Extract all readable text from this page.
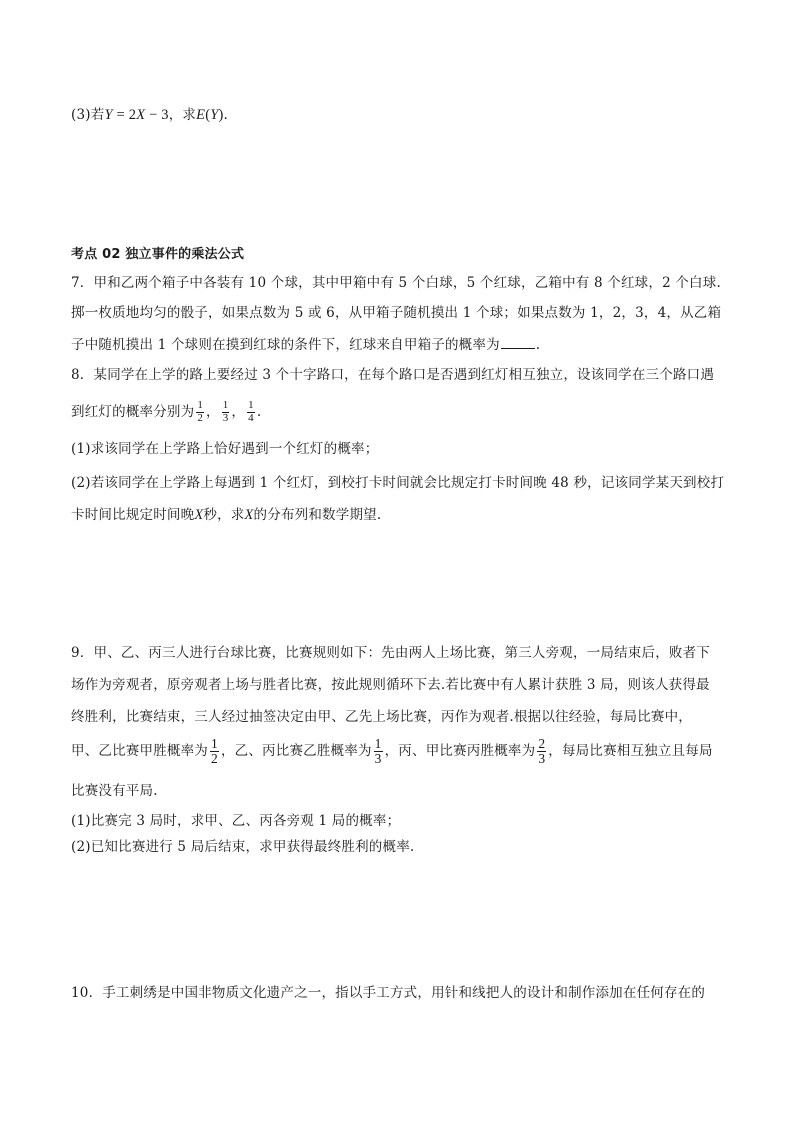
(3)若Y = 2X − 3，求E(Y).
考点 02 独立事件的乘法公式
7．甲和乙两个箱子中各装有 10 个球，其中甲箱中有 5 个白球，5 个红球，乙箱中有 8 个红球，2 个白球.
掷一枚质地均匀的骰子，如果点数为 5 或 6，从甲箱子随机摸出 1 个球；如果点数为 1，2，3，4，从乙箱
子中随机摸出 1 个球则在摸到红球的条件下，红球来自甲箱子的概率为	.
8．某同学在上学的路上要经过 3 个十字路口，在每个路口是否遇到红灯相互独立，设该同学在三个路口遇
到红灯的概率分别为 $\frac{1}{2}$ ， $\frac{1}{3}$ ， $\frac{1}{4}$ .
(1)求该同学在上学路上恰好遇到一个红灯的概率；
(2)若该同学在上学路上每遇到 1 个红灯，到校打卡时间就会比规定打卡时间晚 48 秒，记该同学某天到校打
卡时间比规定时间晚X秒，求X的分布列和数学期望.
9．甲、乙、丙三人进行台球比赛，比赛规则如下：先由两人上场比赛，第三人旁观，一局结束后，败者下
场作为旁观者，原旁观者上场与胜者比赛，按此规则循环下去.若比赛中有人累计获胜 3 局，则该人获得最
终胜利，比赛结束，三人经过抽签决定由甲、乙先上场比赛，丙作为观者.根据以往经验，每局比赛中，
甲、乙比赛甲胜概率为 $\frac{1}{2}$ ，乙、丙比赛乙胜概率为 $\frac{1}{3}$ ，丙、甲比赛丙胜概率为 $\frac{2}{3}$ ，每局比赛相互独立且每局
比赛没有平局.
(1)比赛完 3 局时，求甲、乙、丙各旁观 1 局的概率；
(2)已知比赛进行 5 局后结束，求甲获得最终胜利的概率.
10．手工刺绣是中国非物质文化遗产之一，指以手工方式，用针和线把人的设计和制作添加在任何存在的
